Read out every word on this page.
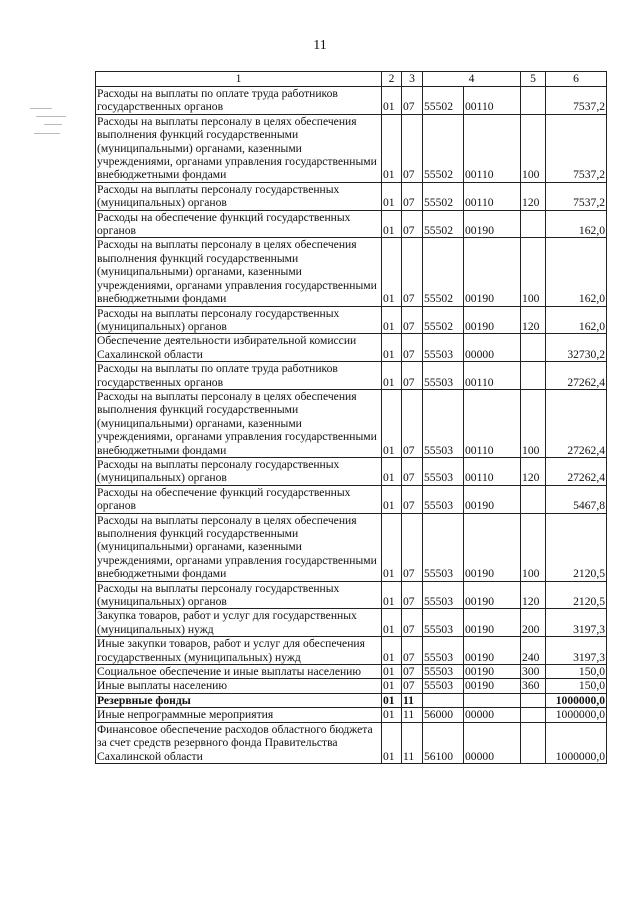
11
1	2	3	4		5	6
Расходы на выплаты по оплате труда работников государственных органов	01	07	55502	00110		7537,2
Расходы на выплаты персоналу в целях обеспечения выполнения функций государственными (муниципальными) органами, казенными учреждениями, органами управления государственными внебюджетными фондами	01	07	55502	00110	100	7537,2
Расходы на выплаты персоналу государственных (муниципальных) органов	01	07	55502	00110	120	7537,2
Расходы на обеспечение функций государственных органов	01	07	55502	00190		162,0
Расходы на выплаты персоналу в целях обеспечения выполнения функций государственными (муниципальными) органами, казенными учреждениями, органами управления государственными внебюджетными фондами	01	07	55502	00190	100	162,0
Расходы на выплаты персоналу государственных (муниципальных) органов	01	07	55502	00190	120	162,0
Обеспечение деятельности избирательной комиссии Сахалинской области	01	07	55503	00000		32730,2
Расходы на выплаты по оплате труда работников государственных органов	01	07	55503	00110		27262,4
Расходы на выплаты персоналу в целях обеспечения выполнения функций государственными (муниципальными) органами, казенными учреждениями, органами управления государственными внебюджетными фондами	01	07	55503	00110	100	27262,4
Расходы на выплаты персоналу государственных (муниципальных) органов	01	07	55503	00110	120	27262,4
Расходы на обеспечение функций государственных органов	01	07	55503	00190		5467,8
Расходы на выплаты персоналу в целях обеспечения выполнения функций государственными (муниципальными) органами, казенными учреждениями, органами управления государственными внебюджетными фондами	01	07	55503	00190	100	2120,5
Расходы на выплаты персоналу государственных (муниципальных) органов	01	07	55503	00190	120	2120,5
Закупка товаров, работ и услуг для государственных (муниципальных) нужд	01	07	55503	00190	200	3197,3
Иные закупки товаров, работ и услуг для обеспечения государственных (муниципальных) нужд	01	07	55503	00190	240	3197,3
Социальное обеспечение и иные выплаты населению	01	07	55503	00190	300	150,0
Иные выплаты населению	01	07	55503	00190	360	150,0
Резервные фонды	01	11				1000000,0
Иные непрограммные мероприятия	01	11	56000	00000		1000000,0
Финансовое обеспечение расходов областного бюджета за счет средств резервного фонда Правительства Сахалинской области	01	11	56100	00000		1000000,0
